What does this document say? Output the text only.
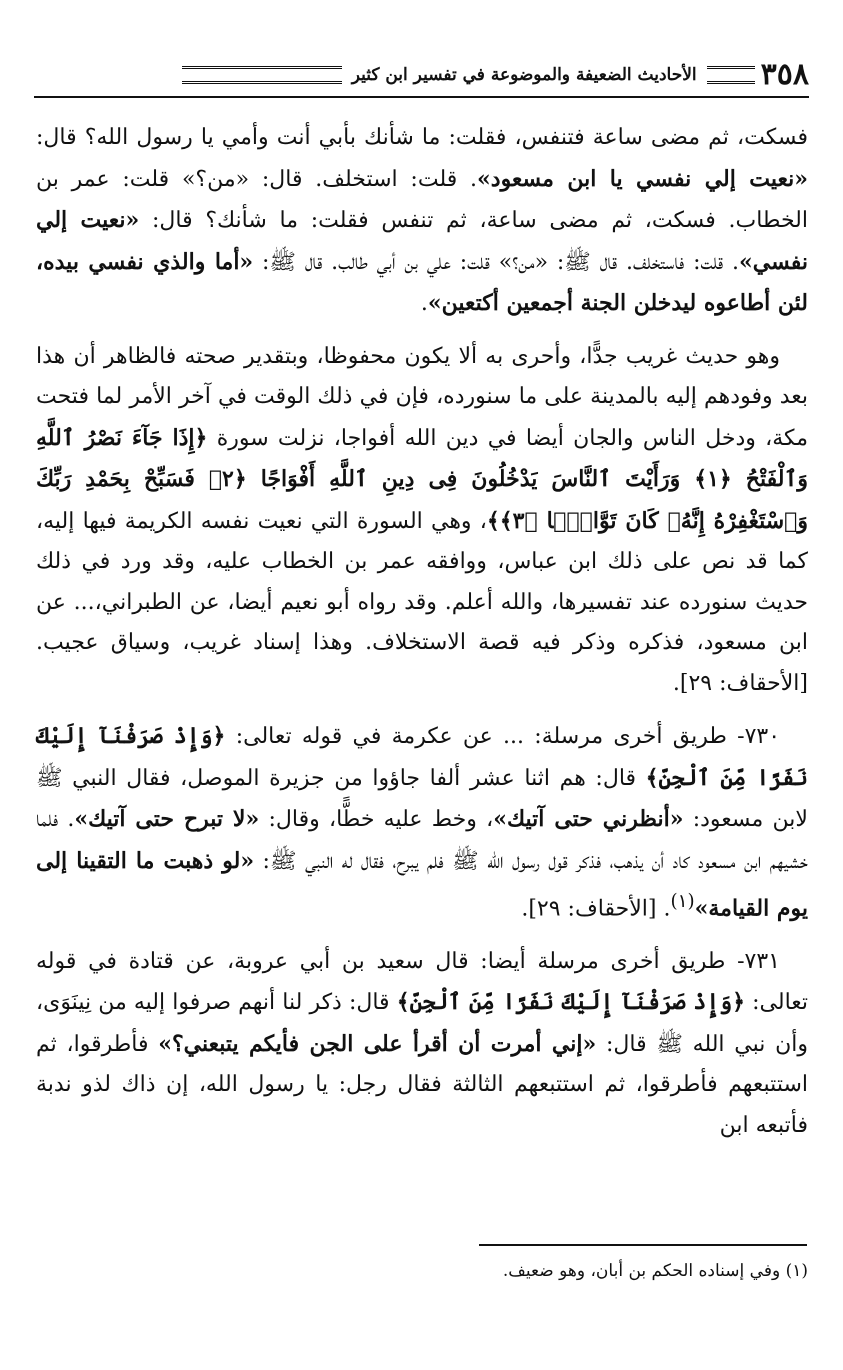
٣٥٨
الأحاديث الضعيفة والموضوعة في تفسير ابن كثير

فسكت، ثم مضى ساعة فتنفس، فقلت: ما شأنك بأبي أنت وأمي يا رسول الله؟ قال: «نعيت إلي نفسي يا ابن مسعود». قلت: استخلف. قال: «من؟» قلت: عمر بن الخطاب. فسكت، ثم مضى ساعة، ثم تنفس فقلت: ما شأنك؟ قال: «نعيت إلي نفسي». قلت: فاستخلف. قال ﷺ: «من؟» قلت: علي بن أبي طالب. قال ﷺ: «أما والذي نفسي بيده، لئن أطاعوه ليدخلن الجنة أجمعين أكتعين».

وهو حديث غريب جدًّا، وأحرى به ألا يكون محفوظا، وبتقدير صحته فالظاهر أن هذا بعد وفودهم إليه بالمدينة على ما سنورده، فإن في ذلك الوقت في آخر الأمر لما فتحت مكة، ودخل الناس والجان أيضا في دين الله أفواجا، نزلت سورة ﴿إِذَا جَآءَ نَصْرُ ٱللَّهِ وَٱلْفَتْحُ ﴿١﴾ وَرَأَيْتَ ٱلنَّاسَ يَدْخُلُونَ فِى دِينِ ٱللَّهِ أَفْوَاجًا ﴿٢﴾ فَسَبِّحْ بِحَمْدِ رَبِّكَ وَٱسْتَغْفِرْهُ إِنَّهُۥ كَانَ تَوَّابًۢا ﴿٣﴾﴾، وهي السورة التي نعيت نفسه الكريمة فيها إليه، كما قد نص على ذلك ابن عباس، ووافقه عمر بن الخطاب عليه، وقد ورد في ذلك حديث سنورده عند تفسيرها، والله أعلم. وقد رواه أبو نعيم أيضا، عن الطبراني،... عن ابن مسعود، فذكره وذكر فيه قصة الاستخلاف. وهذا إسناد غريب، وسياق عجيب. [الأحقاف: ٢٩].

٧٣٠- طريق أخرى مرسلة: ... عن عكرمة في قوله تعالى: ﴿وَإِذْ صَرَفْنَآ إِلَيْكَ نَفَرًا مِّنَ ٱلْجِنِّ﴾ قال: هم اثنا عشر ألفا جاؤوا من جزيرة الموصل، فقال النبي ﷺ لابن مسعود: «أنظرني حتى آتيك»، وخط عليه خطًّا، وقال: «لا تبرح حتى آتيك». فلما خشيهم ابن مسعود كاد أن يذهب، فذكر قول رسول الله ﷺ فلم يبرح، فقال له النبي ﷺ: «لو ذهبت ما التقينا إلى يوم القيامة»$^{(١)}$. [الأحقاف: ٢٩].

٧٣١- طريق أخرى مرسلة أيضا: قال سعيد بن أبي عروبة، عن قتادة في قوله تعالى: ﴿وَإِذْ صَرَفْنَآ إِلَيْكَ نَفَرًا مِّنَ ٱلْجِنِّ﴾ قال: ذكر لنا أنهم صرفوا إليه من نِينَوَى، وأن نبي الله ﷺ قال: «إني أمرت أن أقرأ على الجن فأيكم يتبعني؟» فأطرقوا، ثم استتبعهم فأطرقوا، ثم استتبعهم الثالثة فقال رجل: يا رسول الله، إن ذاك لذو ندبة فأتبعه ابن

(١) وفي إسناده الحكم بن أبان، وهو ضعيف.
